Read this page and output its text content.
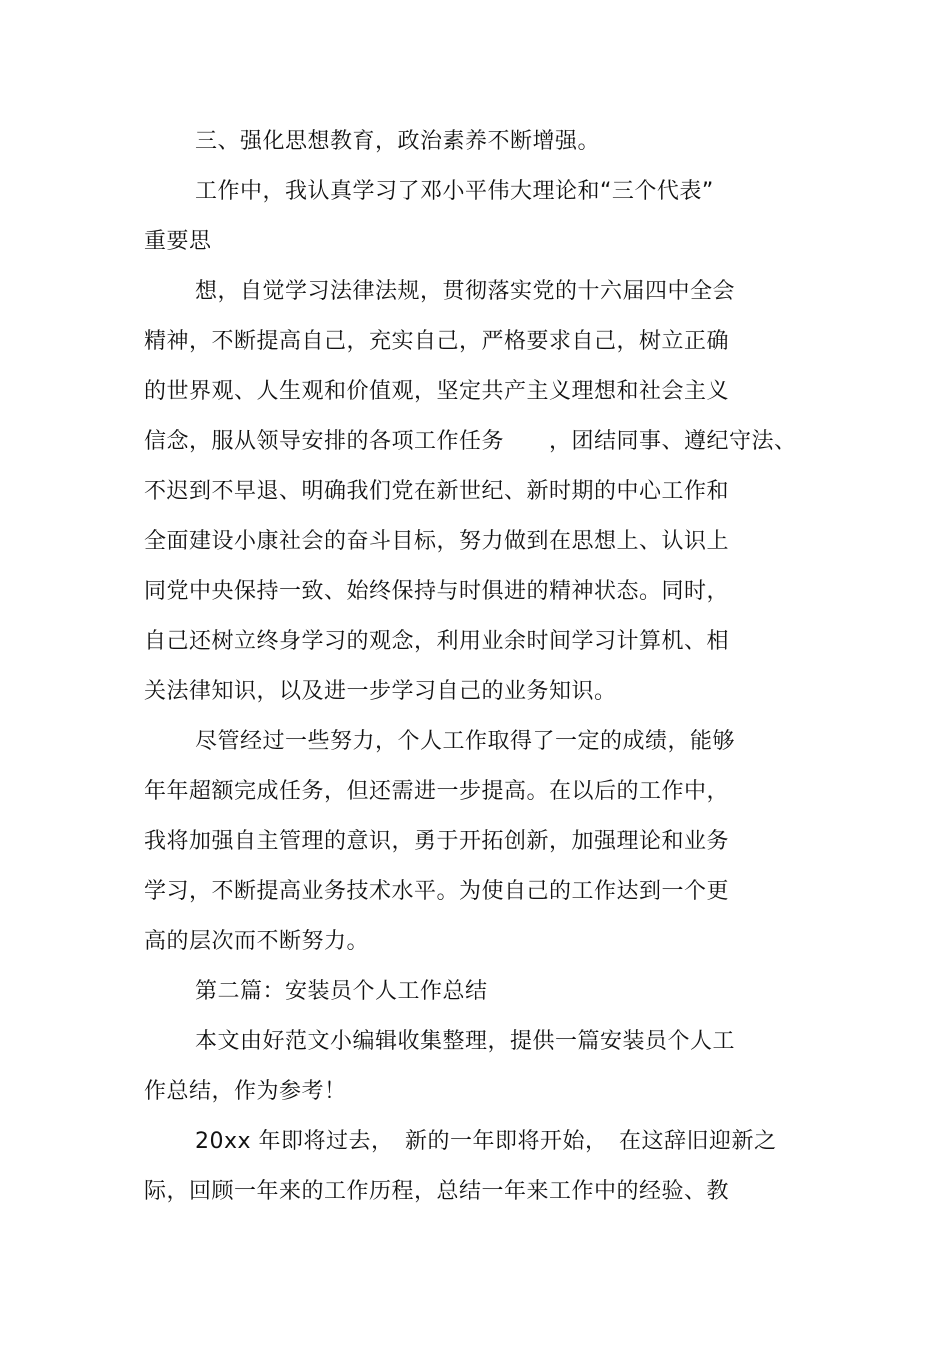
三、强化思想教育，政治素养不断增强。
工作中，我认真学习了邓小平伟大理论和“三个代表”
重要思
想，自觉学习法律法规，贯彻落实党的十六届四中全会
精神，不断提高自己，充实自己，严格要求自己，树立正确
的世界观、人生观和价值观，坚定共产主义理想和社会主义
信念，服从领导安排的各项工作任务　　，团结同事、遵纪守法、
不迟到不早退、明确我们党在新世纪、新时期的中心工作和
全面建设小康社会的奋斗目标，努力做到在思想上、认识上
同党中央保持一致、始终保持与时俱进的精神状态。同时，
自己还树立终身学习的观念，利用业余时间学习计算机、相
关法律知识，以及进一步学习自己的业务知识。
尽管经过一些努力，个人工作取得了一定的成绩，能够
年年超额完成任务，但还需进一步提高。在以后的工作中，
我将加强自主管理的意识，勇于开拓创新，加强理论和业务
学习，不断提高业务技术水平。为使自己的工作达到一个更
高的层次而不断努力。
第二篇：安装员个人工作总结
本文由好范文小编辑收集整理，提供一篇安装员个人工
作总结，作为参考！
20xx 年即将过去，　新的一年即将开始，　在这辞旧迎新之
际，回顾一年来的工作历程，总结一年来工作中的经验、教
